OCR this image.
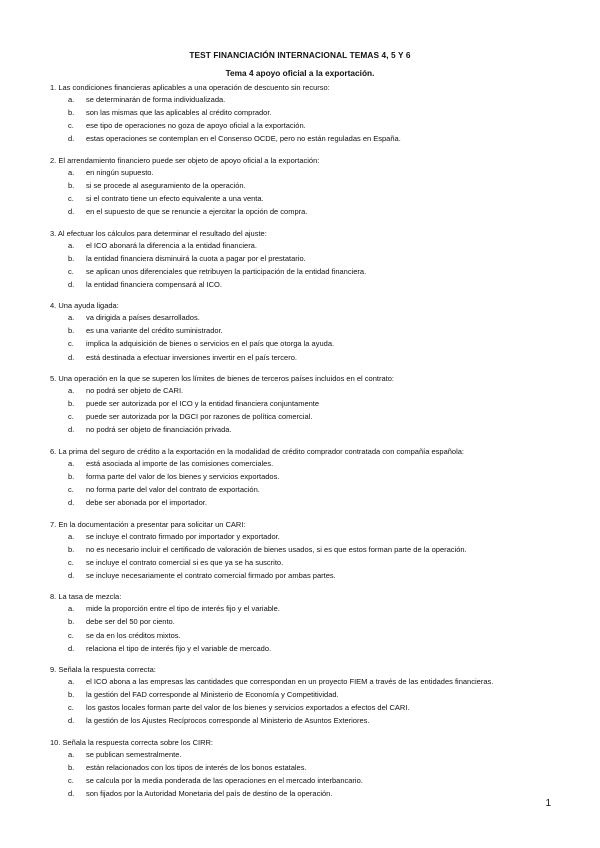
TEST FINANCIACIÓN INTERNACIONAL TEMAS 4, 5 Y 6
Tema 4 apoyo oficial a la exportación.
1. Las condiciones financieras aplicables a una operación de descuento sin recurso:
a. se determinarán de forma individualizada.
b. son las mismas que las aplicables al crédito comprador.
c. ese tipo de operaciones no goza de apoyo oficial a la exportación.
d. estas operaciones se contemplan en el Consenso OCDE, pero no están reguladas en España.
2. El arrendamiento financiero puede ser objeto de apoyo oficial a la exportación:
a. en ningún supuesto.
b. si se procede al aseguramiento de la operación.
c. si el contrato tiene un efecto equivalente a una venta.
d. en el supuesto de que se renuncie a ejercitar la opción de compra.
3. Al efectuar los cálculos para determinar el resultado del ajuste:
a. el ICO abonará la diferencia a la entidad financiera.
b. la entidad financiera disminuirá la cuota a pagar por el prestatario.
c. se aplican unos diferenciales que retribuyen la participación de la entidad financiera.
d. la entidad financiera compensará al ICO.
4. Una ayuda ligada:
a. va dirigida a países desarrollados.
b. es una variante del crédito suministrador.
c. implica la adquisición de bienes o servicios en el país que otorga la ayuda.
d. está destinada a efectuar inversiones invertir en el país tercero.
5. Una operación en la que se superen los límites de bienes de terceros países incluidos en el contrato:
a. no podrá ser objeto de CARI.
b. puede ser autorizada por el ICO y la entidad financiera conjuntamente
c. puede ser autorizada por la DGCI por razones de política comercial.
d. no podrá ser objeto de financiación privada.
6. La prima del seguro de crédito a la exportación en la modalidad de crédito comprador contratada con compañía española:
a. está asociada al importe de las comisiones comerciales.
b. forma parte del valor de los bienes y servicios exportados.
c. no forma parte del valor del contrato de exportación.
d. debe ser abonada por el importador.
7. En la documentación a presentar para solicitar un CARI:
a. se incluye el contrato firmado por importador y exportador.
b. no es necesario incluir el certificado de valoración de bienes usados, si es que estos forman parte de la operación.
c. se incluye el contrato comercial si es que ya se ha suscrito.
d. se incluye necesariamente el contrato comercial firmado por ambas partes.
8. La tasa de mezcla:
a. mide la proporción entre el tipo de interés fijo y el variable.
b. debe ser del 50 por ciento.
c. se da en los créditos mixtos.
d. relaciona el tipo de interés fijo y el variable de mercado.
9. Señala la respuesta correcta:
a. el ICO abona a las empresas las cantidades que correspondan en un proyecto FIEM a través de las entidades financieras.
b. la gestión del FAD corresponde al Ministerio de Economía y Competitividad.
c. los gastos locales forman parte del valor de los bienes y servicios exportados a efectos del CARI.
d. la gestión de los Ajustes Recíprocos corresponde al Ministerio de Asuntos Exteriores.
10. Señala la respuesta correcta sobre los CIRR:
a. se publican semestralmente.
b. están relacionados con los tipos de interés de los bonos estatales.
c. se calcula por la media ponderada de las operaciones en el mercado interbancario.
d. son fijados por la Autoridad Monetaria del país de destino de la operación.
1
